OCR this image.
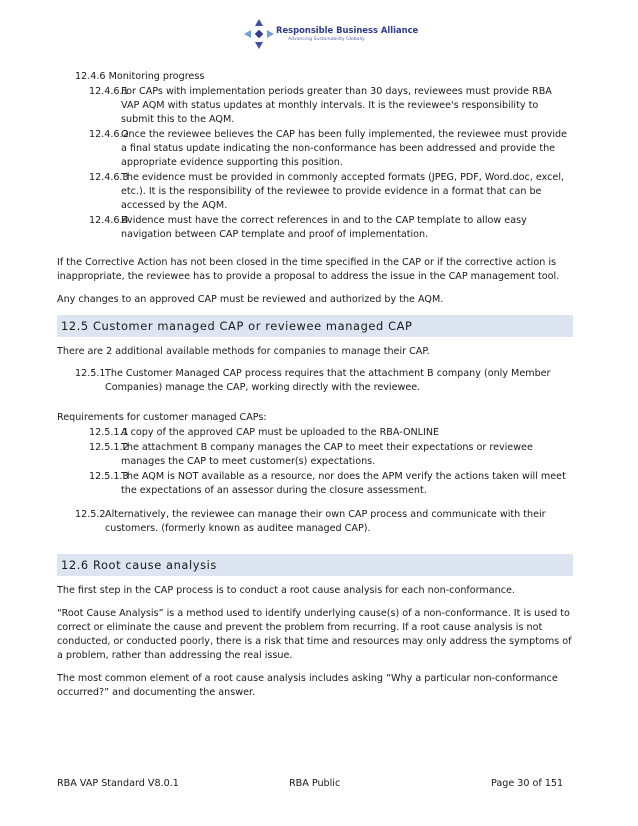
Responsible Business Alliance
Advancing Sustainability Globally
12.4.6 Monitoring progress
12.4.6.1
For CAPs with implementation periods greater than 30 days, reviewees must provide RBA VAP AQM with status updates at monthly intervals. It is the reviewee's responsibility to submit this to the AQM.
12.4.6.2
Once the reviewee believes the CAP has been fully implemented, the reviewee must provide a final status update indicating the non-conformance has been addressed and provide the appropriate evidence supporting this position.
12.4.6.3
The evidence must be provided in commonly accepted formats (JPEG, PDF, Word.doc, excel, etc.). It is the responsibility of the reviewee to provide evidence in a format that can be accessed by the AQM.
12.4.6.4
Evidence must have the correct references in and to the CAP template to allow easy navigation between CAP template and proof of implementation.

If the Corrective Action has not been closed in the time specified in the CAP or if the corrective action is inappropriate, the reviewee has to provide a proposal to address the issue in the CAP management tool.

Any changes to an approved CAP must be reviewed and authorized by the AQM.

12.5 Customer managed CAP or reviewee managed CAP

There are 2 additional available methods for companies to manage their CAP.

12.5.1 The Customer Managed CAP process requires that the attachment B company (only Member Companies) manage the CAP, working directly with the reviewee.

Requirements for customer managed CAPs:

12.5.1.1
A copy of the approved CAP must be uploaded to the RBA-ONLINE
12.5.1.2
The attachment B company manages the CAP to meet their expectations or reviewee manages the CAP to meet customer(s) expectations.
12.5.1.3
The AQM is NOT available as a resource, nor does the APM verify the actions taken will meet the expectations of an assessor during the closure assessment.
12.5.2 Alternatively, the reviewee can manage their own CAP process and communicate with their customers. (formerly known as auditee managed CAP).
12.6 Root cause analysis

The first step in the CAP process is to conduct a root cause analysis for each non-conformance.

“Root Cause Analysis” is a method used to identify underlying cause(s) of a non-conformance. It is used to correct or eliminate the cause and prevent the problem from recurring. If a root cause analysis is not conducted, or conducted poorly, there is a risk that time and resources may only address the symptoms of a problem, rather than addressing the real issue.

The most common element of a root cause analysis includes asking “Why a particular non-conformance occurred?” and documenting the answer.

RBA VAP Standard V8.0.1	RBA Public	Page 30 of 151
